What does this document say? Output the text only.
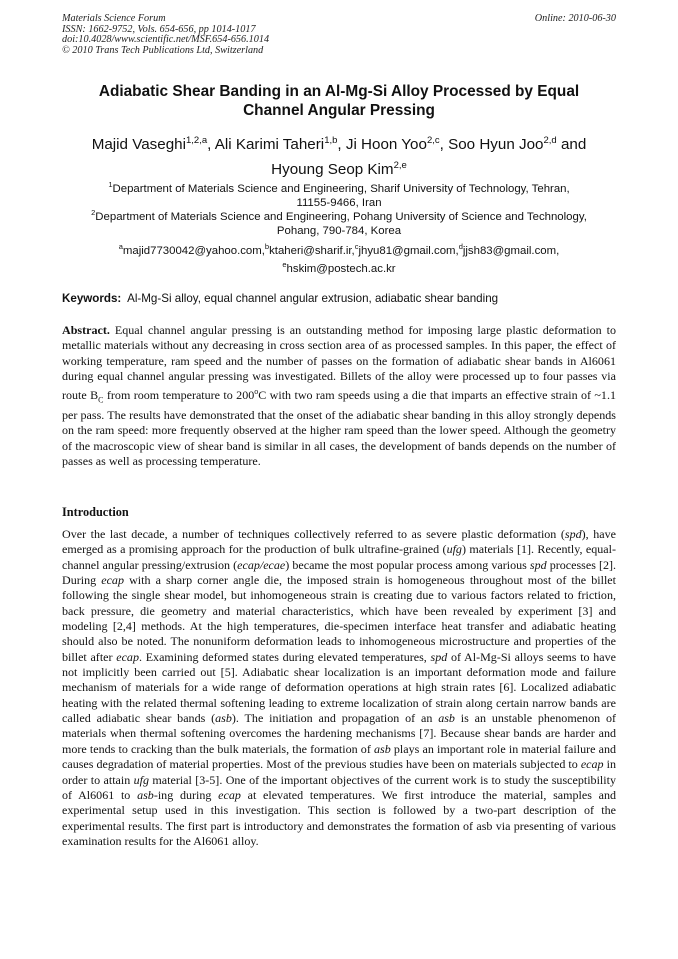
Materials Science Forum
ISSN: 1662-9752, Vols. 654-656, pp 1014-1017
doi:10.4028/www.scientific.net/MSF.654-656.1014
© 2010 Trans Tech Publications Ltd, Switzerland
Online: 2010-06-30
Adiabatic Shear Banding in an Al-Mg-Si Alloy Processed by Equal
Channel Angular Pressing
Majid Vaseghi$^{1,2,a}$, Ali Karimi Taheri$^{1,b}$, Ji Hoon Yoo$^{2,c}$, Soo Hyun Joo$^{2,d}$ and
Hyoung Seop Kim$^{2,e}$
$^1$Department of Materials Science and Engineering, Sharif University of Technology, Tehran,
11155-9466, Iran
$^2$Department of Materials Science and Engineering, Pohang University of Science and Technology,
Pohang, 790-784, Korea
$^a$majid7730042@yahoo.com,$^b$ktaheri@sharif.ir,$^c$jhyu81@gmail.com,$^d$jjsh83@gmail.com,
$^e$hskim@postech.ac.kr
Keywords: Al-Mg-Si alloy, equal channel angular extrusion, adiabatic shear banding
Abstract. Equal channel angular pressing is an outstanding method for imposing large plastic deformation to metallic materials without any decreasing in cross section area of as processed samples. In this paper, the effect of working temperature, ram speed and the number of passes on the formation of adiabatic shear bands in Al6061 during equal channel angular pressing was investigated. Billets of the alloy were processed up to four passes via route $B_C$ from room temperature to 200$^o$C with two ram speeds using a die that imparts an effective strain of ~1.1 per pass. The results have demonstrated that the onset of the adiabatic shear banding in this alloy strongly depends on the ram speed: more frequently observed at the higher ram speed than the lower speed. Although the geometry of the macroscopic view of shear band is similar in all cases, the development of bands depends on the number of passes as well as processing temperature.
Introduction
Over the last decade, a number of techniques collectively referred to as severe plastic deformation (spd), have emerged as a promising approach for the production of bulk ultrafine-grained (ufg) materials [1]. Recently, equal-channel angular pressing/extrusion (ecap/ecae) became the most popular process among various spd processes [2]. During ecap with a sharp corner angle die, the imposed strain is homogeneous throughout most of the billet following the single shear model, but inhomogeneous strain is creating due to various factors related to friction, back pressure, die geometry and material characteristics, which have been revealed by experiment [3] and modeling [2,4] methods. At the high temperatures, die-specimen interface heat transfer and adiabatic heating should also be noted. The nonuniform deformation leads to inhomogeneous microstructure and properties of the billet after ecap. Examining deformed states during elevated temperatures, spd of Al-Mg-Si alloys seems to have not implicitly been carried out [5]. Adiabatic shear localization is an important deformation mode and failure mechanism of materials for a wide range of deformation operations at high strain rates [6]. Localized adiabatic heating with the related thermal softening leading to extreme localization of strain along certain narrow bands are called adiabatic shear bands (asb). The initiation and propagation of an asb is an unstable phenomenon of materials when thermal softening overcomes the hardening mechanisms [7]. Because shear bands are harder and more tends to cracking than the bulk materials, the formation of asb plays an important role in material failure and causes degradation of material properties. Most of the previous studies have been on materials subjected to ecap in order to attain ufg material [3-5]. One of the important objectives of the current work is to study the susceptibility of Al6061 to asb-ing during ecap at elevated temperatures. We first introduce the material, samples and experimental setup used in this investigation. This section is followed by a two-part description of the experimental results. The first part is introductory and demonstrates the formation of asb via presenting of various examination results for the Al6061 alloy.
